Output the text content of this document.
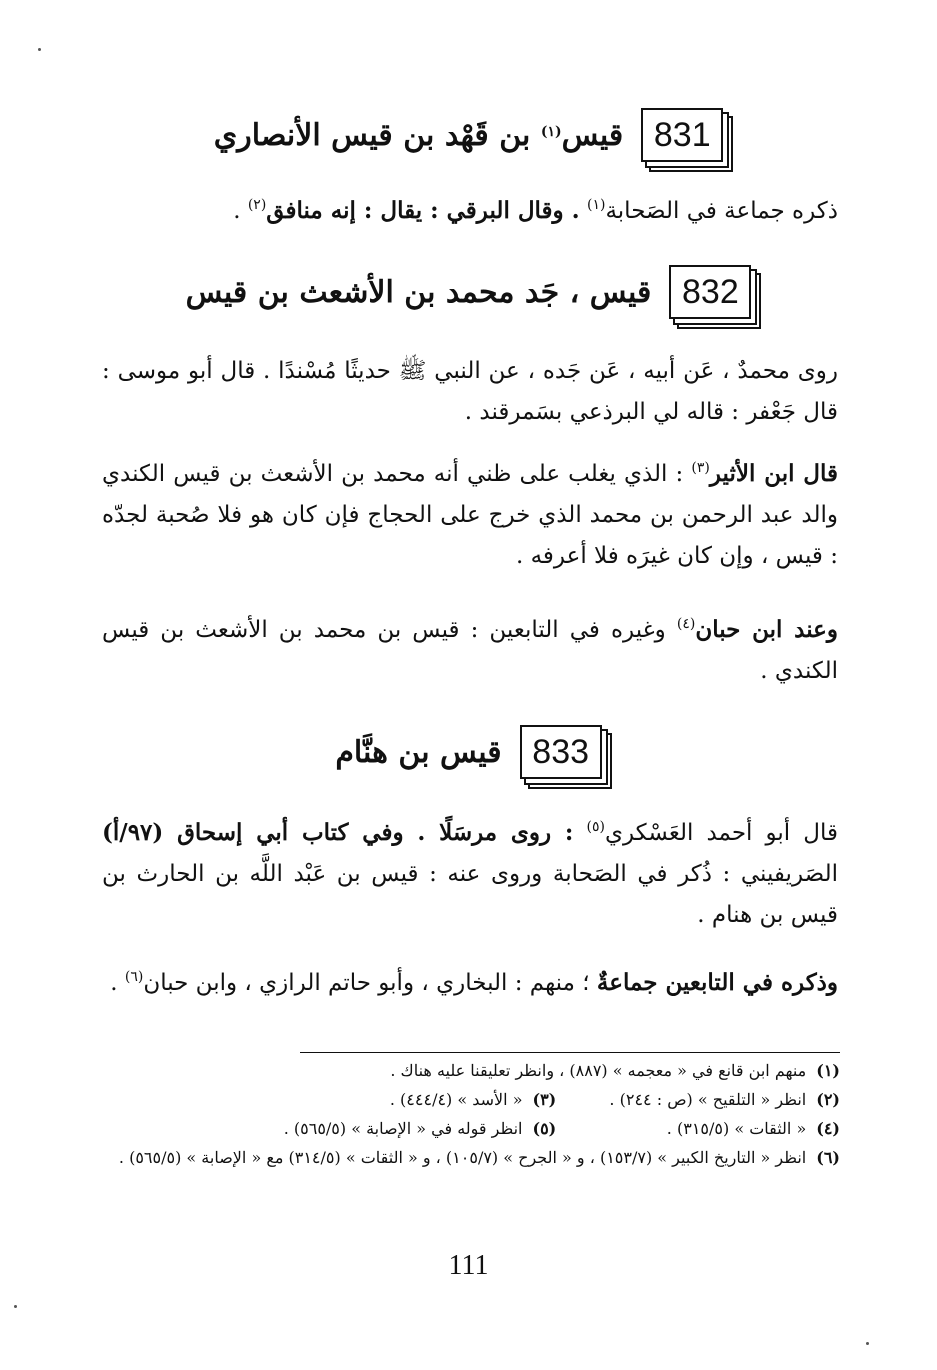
831
قيس$^{(١)}$ بن قَهْد بن قيس الأنصاري
ذكره جماعة في الصَحابة$^{(١)}$ . وقال البرقي : يقال : إنه منافق$^{(٢)}$ .
832
قيس ، جَد محمد بن الأشعث بن قيس
روى محمدٌ ، عَن أبيه ، عَن جَده ، عن النبي ﷺ حديثًا مُسْندًا . قال أبو موسى : قال جَعْفر : قاله لي البرذعي بسَمرقند .
قال ابن الأثير$^{(٣)}$ : الذي يغلب على ظني أنه محمد بن الأشعث بن قيس الكندي والد عبد الرحمن بن محمد الذي خرج على الحجاج فإن كان هو فلا صُحبة لجدّه : قيس ، وإن كان غيرَه فلا أعرفه .
وعند ابن حبان$^{(٤)}$ وغيره في التابعين : قيس بن محمد بن الأشعث بن قيس الكندي .
833
قيس بن هنَّام
قال أبو أحمد العَسْكري$^{(٥)}$ : روى مرسَلًا . وفي كتاب أبي إسحاق (٩٧/أ) الصَريفيني : ذُكر في الصَحابة وروى عنه : قيس بن عَبْد اللَّه بن الحارث بن قيس بن هنام .
وذكره في التابعين جماعةٌ ؛ منهم : البخاري ، وأبو حاتم الرازي ، وابن حبان$^{(٦)}$ .
(١)
منهم ابن قانع في « معجمه » (٨٨٧) ، وانظر تعليقنا عليه هناك .
(٢)
انظر « التلقيح » (ص : ٢٤٤) .
(٣)
« الأسد » (٤٤٤/٤) .
(٤)
« الثقات » (٣١٥/٥) .
(٥)
انظر قوله في « الإصابة » (٥٦٥/٥) .
(٦)
انظر « التاريخ الكبير » (١٥٣/٧) ، و « الجرح » (١٠٥/٧) ، و « الثقات » (٣١٤/٥) مع « الإصابة » (٥٦٥/٥) .
111
